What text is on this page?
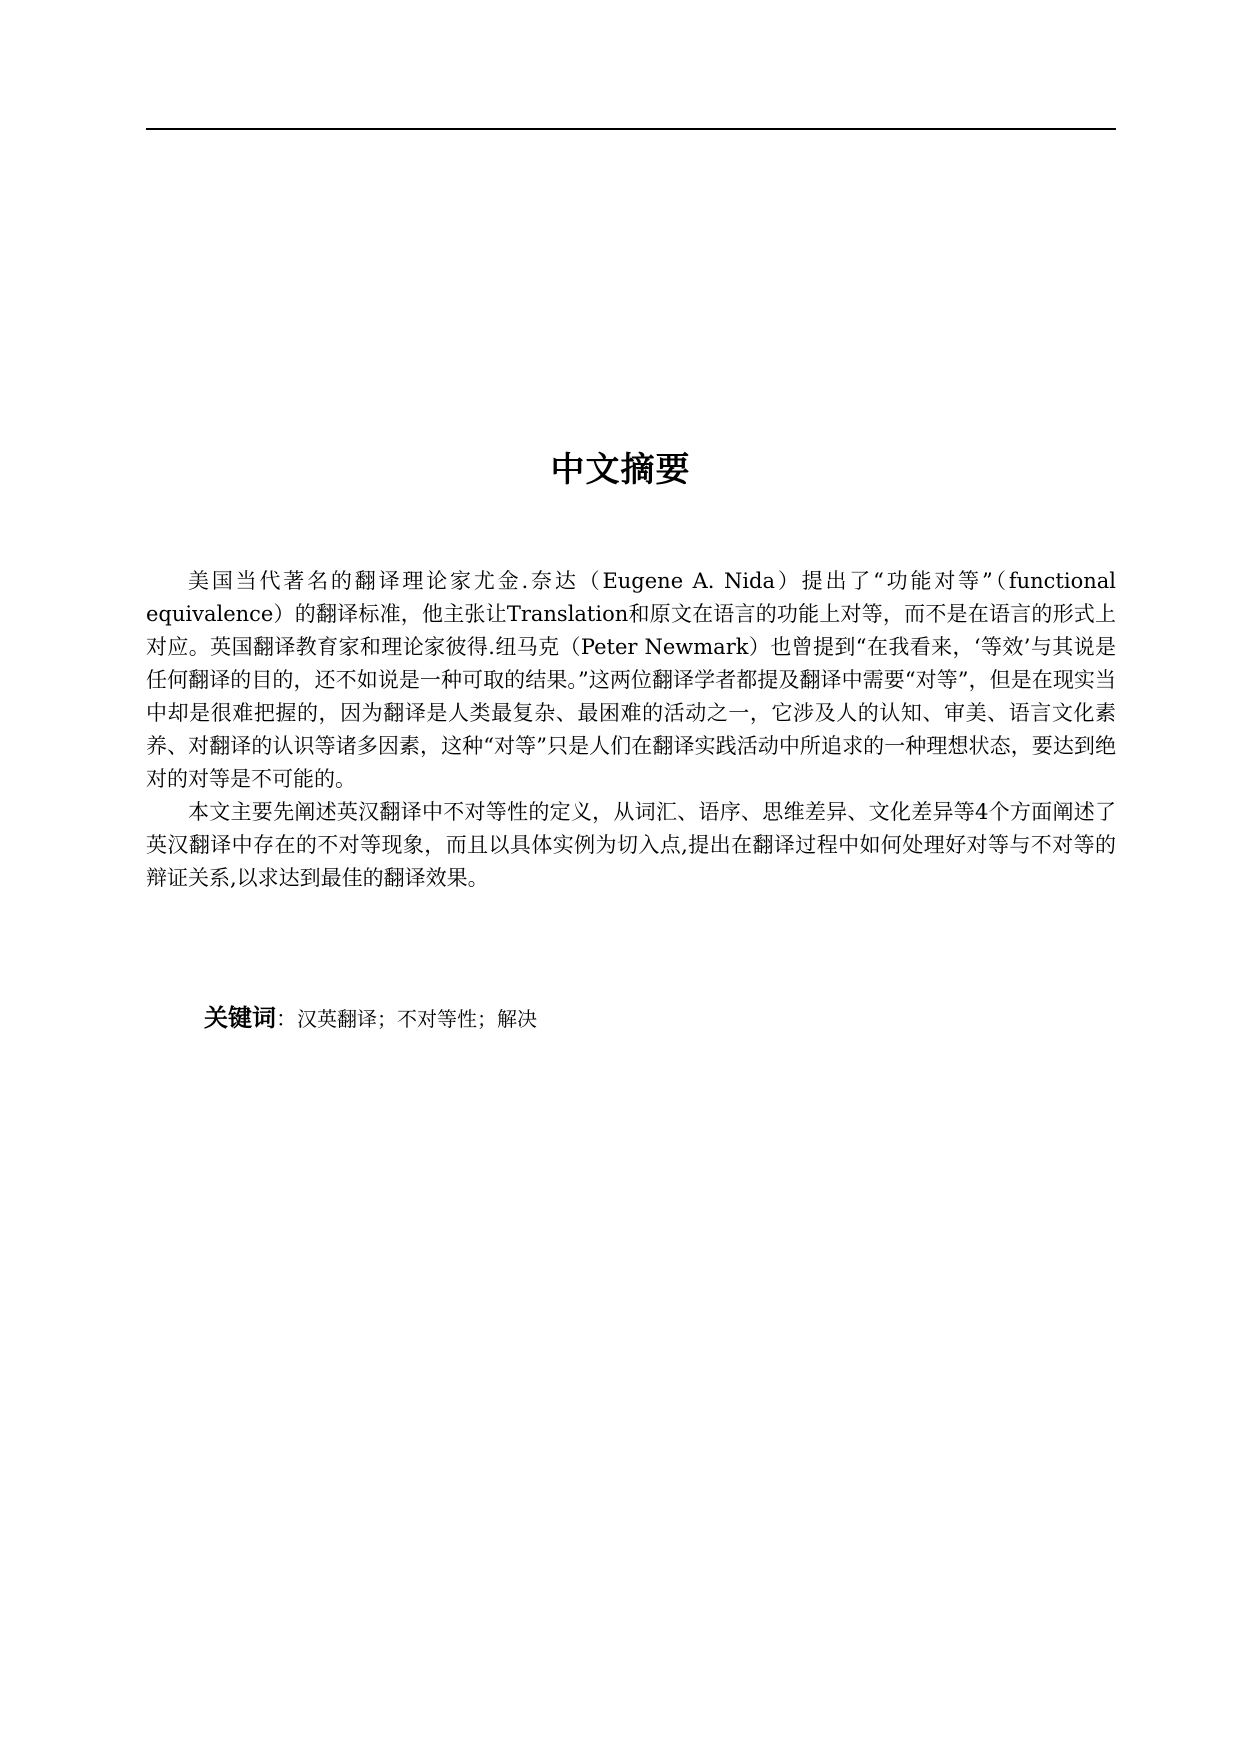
中文摘要

美国当代著名的翻译理论家尤金.奈达（Eugene A. Nida）提出了“功能对等”（functional equivalence）的翻译标准，他主张让Translation和原文在语言的功能上对等，而不是在语言的形式上对应。英国翻译教育家和理论家彼得.纽马克（Peter Newmark）也曾提到“在我看来，‘等效’与其说是任何翻译的目的，还不如说是一种可取的结果。”这两位翻译学者都提及翻译中需要“对等”，但是在现实当中却是很难把握的，因为翻译是人类最复杂、最困难的活动之一，它涉及人的认知、审美、语言文化素养、对翻译的认识等诸多因素，这种“对等”只是人们在翻译实践活动中所追求的一种理想状态，要达到绝对的对等是不可能的。

本文主要先阐述英汉翻译中不对等性的定义，从词汇、语序、思维差异、文化差异等4个方面阐述了英汉翻译中存在的不对等现象，而且以具体实例为切入点,提出在翻译过程中如何处理好对等与不对等的辩证关系,以求达到最佳的翻译效果。

关键词：汉英翻译；不对等性；解决
